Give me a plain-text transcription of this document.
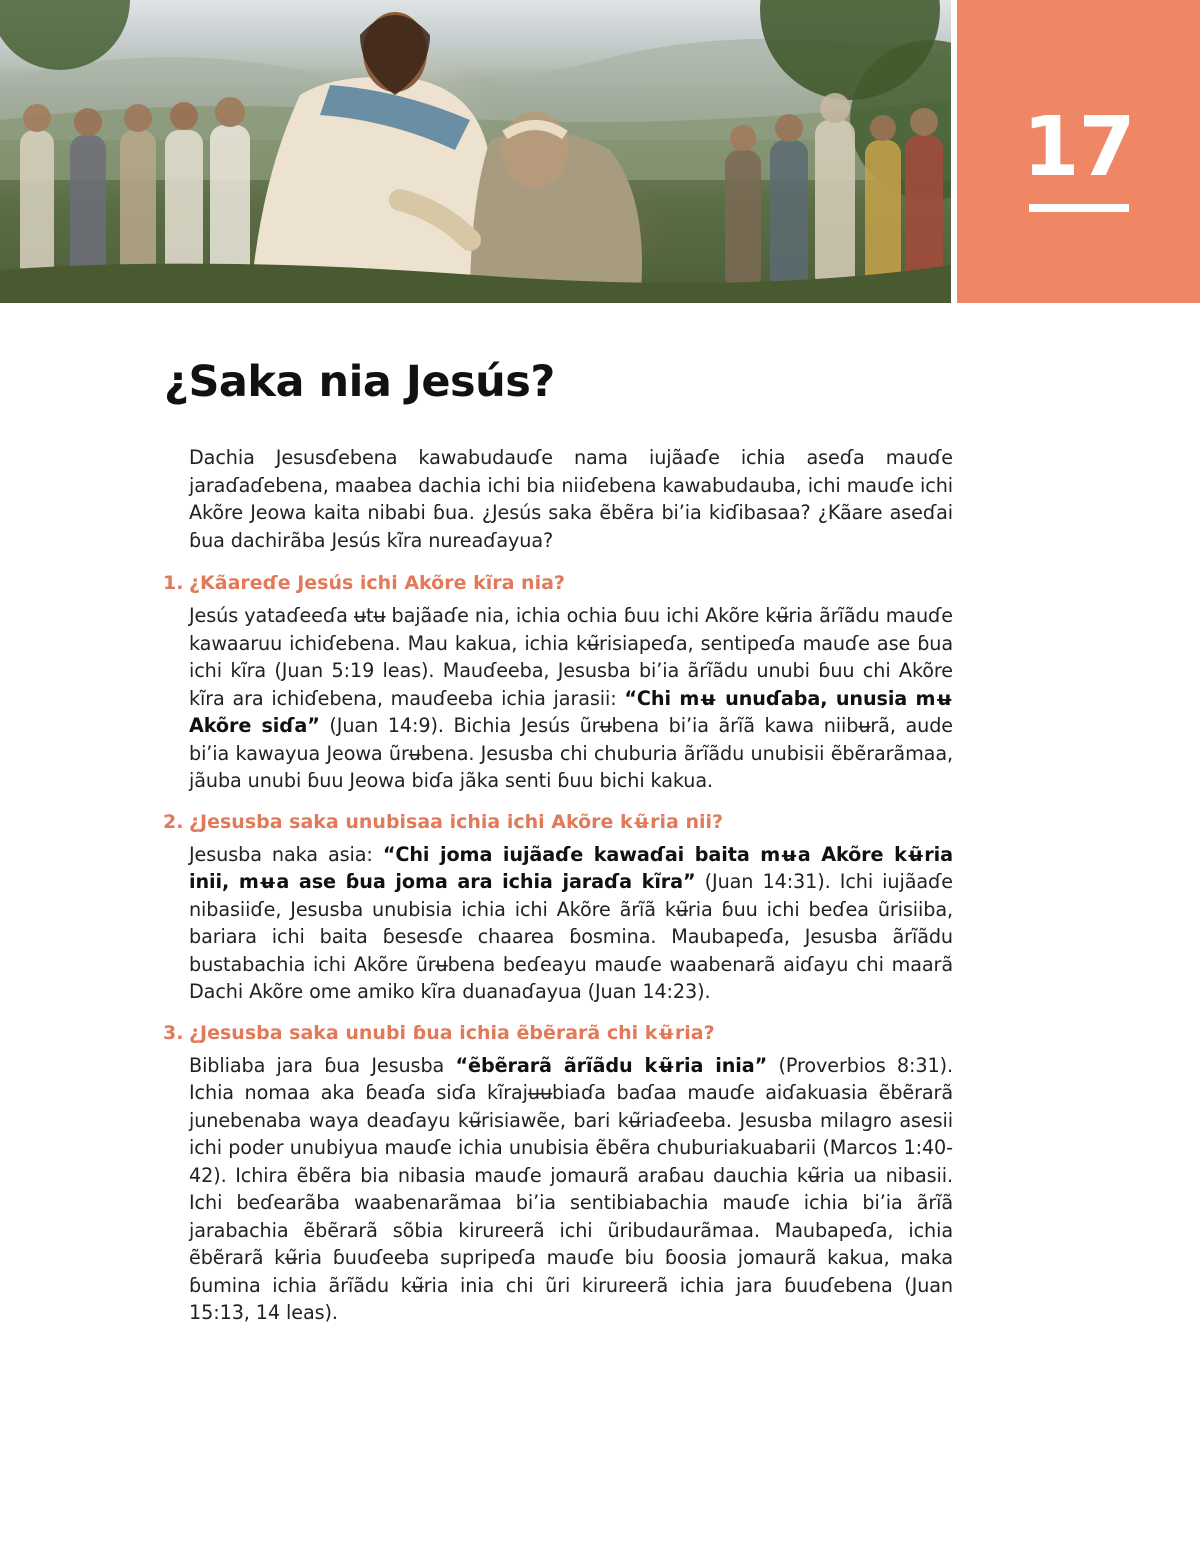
17
¿Saka nia Jesús?

Dachia Jesusɗebena kawabudauɗe nama iujãaɗe ichia aseɗa mauɗe jaraɗaɗebena, maabea dachia ichi bia niiɗebena kawabudauba, ichi mauɗe ichi Akõre Jeowa kaita nibabi ɓua. ¿Jesús saka ẽbẽra bi’ia kiɗibasaa? ¿Kãare aseɗai ɓua dachirãba Jesús kĩra nureaɗayua?

1. ¿Kãareɗe Jesús ichi Akõre kĩra nia?

Jesús yataɗeeɗa ʉtʉ bajãaɗe nia, ichia ochia ɓuu ichi Akõre kʉ̃ria ãrĩãdu mauɗe kawaaruu ichiɗebena. Mau kakua, ichia kʉ̃risiapeɗa, sentipeɗa mauɗe ase ɓua ichi kĩra (Juan 5:19 leas). Mauɗeeba, Jesusba bi’ia ãrĩãdu unubi ɓuu chi Akõre kĩra ara ichiɗebena, mauɗeeba ichia jarasii: “Chi mʉ unuɗaba, unusia mʉ Akõre siɗa” (Juan 14:9). Bichia Jesús ũrʉbena bi’ia ãrĩã kawa niibʉrã, aude bi’ia kawayua Jeowa ũrʉbena. Jesusba chi chuburia ãrĩãdu unubisii ẽbẽrarãmaa, jãuba unubi ɓuu Jeowa biɗa jãka senti ɓuu bichi kakua.

2. ¿Jesusba saka unubisaa ichia ichi Akõre kʉ̃ria nii?

Jesusba naka asia: “Chi joma iujãaɗe kawaɗai baita mʉa Akõre kʉ̃ria inii, mʉa ase ɓua joma ara ichia jaraɗa kĩra” (Juan 14:31). Ichi iujãaɗe nibasiiɗe, Jesusba unubisia ichia ichi Akõre ãrĩã kʉ̃ria ɓuu ichi beɗea ũrisiiba, bariara ichi baita ɓesesɗe chaarea ɓosmina. Maubapeɗa, Jesusba ãrĩãdu bustabachia ichi Akõre ũrʉbena beɗeayu mauɗe waabenarã aiɗayu chi maarã Dachi Akõre ome amiko kĩra duanaɗayua (Juan 14:23).

3. ¿Jesusba saka unubi ɓua ichia ẽbẽrarã chi kʉ̃ria?

Bibliaba jara ɓua Jesusba “ẽbẽrarã ãrĩãdu kʉ̃ria inia” (Proverbios 8:31). Ichia nomaa aka ɓeaɗa siɗa kĩrajʉʉbiaɗa baɗaa mauɗe aiɗakuasia ẽbẽrarã junebenaba waya deaɗayu kʉ̃risiawẽe, bari kʉ̃riaɗeeba. Jesusba milagro asesii ichi poder unubiyua mauɗe ichia unubisia ẽbẽra chuburiakuabarii (Marcos 1:40-42). Ichira ẽbẽra bia nibasia mauɗe jomaurã araɓau dauchia kʉ̃ria ua nibasii. Ichi beɗearãba waabenarãmaa bi’ia sentibiabachia mauɗe ichia bi’ia ãrĩã jarabachia ẽbẽrarã sõbia kirureerã ichi ũribudaurãmaa. Maubapeɗa, ichia ẽbẽrarã kʉ̃ria ɓuuɗeeba supripeɗa mauɗe biu ɓoosia jomaurã kakua, maka ɓumina ichia ãrĩãdu kʉ̃ria inia chi ũri kirureerã ichia jara ɓuuɗebena (Juan 15:13, 14 leas).
